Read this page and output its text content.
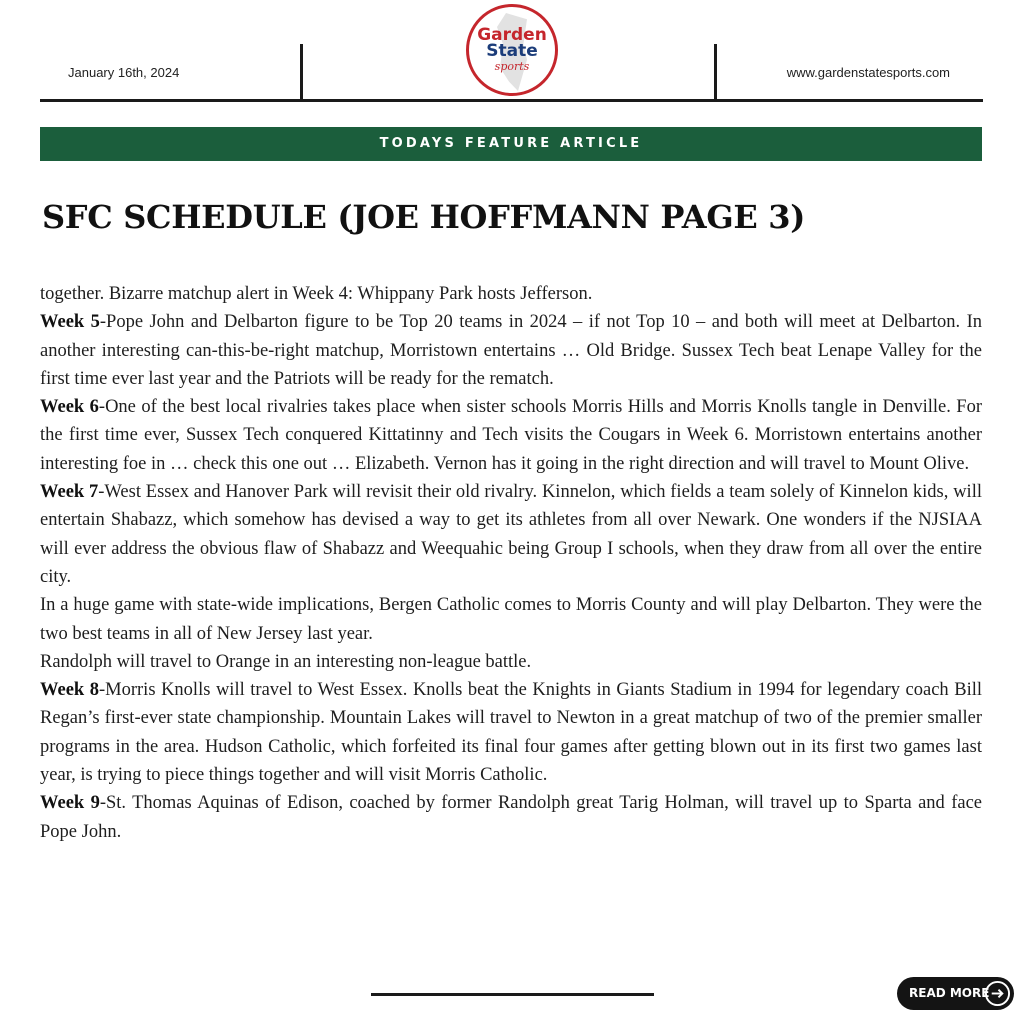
January 16th, 2024
Garden
State
sports	www.gardenstatesports.com
TODAYS FEATURE ARTICLE
SFC SCHEDULE (JOE HOFFMANN PAGE 3)

together. Bizarre matchup alert in Week 4: Whippany Park hosts Jefferson.

Week 5-Pope John and Delbarton figure to be Top 20 teams in 2024 – if not Top 10 – and both will meet at Delbarton. In another interesting can-this-be-right matchup, Morristown entertains … Old Bridge. Sussex Tech beat Lenape Valley for the first time ever last year and the Patriots will be ready for the rematch.

Week 6-One of the best local rivalries takes place when sister schools Morris Hills and Morris Knolls tangle in Denville. For the first time ever, Sussex Tech conquered Kittatinny and Tech visits the Cougars in Week 6. Morristown entertains another interesting foe in … check this one out … Elizabeth. Vernon has it going in the right direction and will travel to Mount Olive.

Week 7-West Essex and Hanover Park will revisit their old rivalry. Kinnelon, which fields a team solely of Kinnelon kids, will entertain Shabazz, which somehow has devised a way to get its athletes from all over Newark. One wonders if the NJSIAA will ever address the obvious flaw of Shabazz and Weequahic being Group I schools, when they draw from all over the entire city.

In a huge game with state-wide implications, Bergen Catholic comes to Morris County and will play Delbarton. They were the two best teams in all of New Jersey last year.

Randolph will travel to Orange in an interesting non-league battle.

Week 8-Morris Knolls will travel to West Essex. Knolls beat the Knights in Giants Stadium in 1994 for legendary coach Bill Regan’s first-ever state championship. Mountain Lakes will travel to Newton in a great matchup of two of the premier smaller programs in the area. Hudson Catholic, which forfeited its final four games after getting blown out in its first two games last year, is trying to piece things together and will visit Morris Catholic.

Week 9-St. Thomas Aquinas of Edison, coached by former Randolph great Tarig Holman, will travel up to Sparta and face Pope John.

READ MORE
